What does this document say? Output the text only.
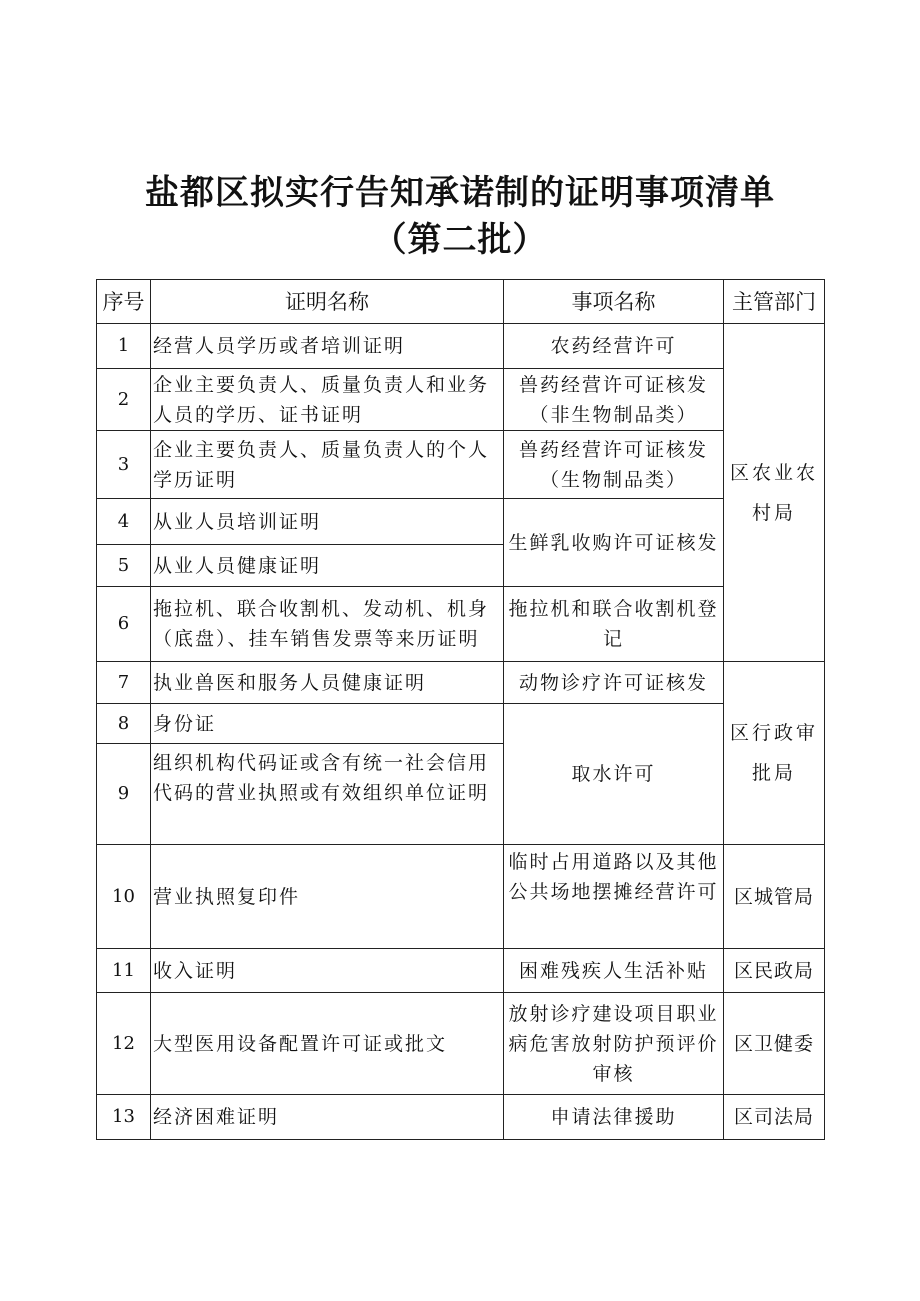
盐都区拟实行告知承诺制的证明事项清单
（第二批）
序号	证明名称	事项名称	主管部门
1	经营人员学历或者培训证明	农药经营许可	区农业农村局
2	企业主要负责人、质量负责人和业务人员的学历、证书证明	兽药经营许可证核发（非生物制品类）	
3	企业主要负责人、质量负责人的个人学历证明	兽药经营许可证核发（生物制品类）	
4	从业人员培训证明	生鲜乳收购许可证核发	
5	从业人员健康证明		
6	拖拉机、联合收割机、发动机、机身（底盘）、挂车销售发票等来历证明	拖拉机和联合收割机登记	
7	执业兽医和服务人员健康证明	动物诊疗许可证核发	区行政审批局
8	身份证	取水许可	
9	组织机构代码证或含有统一社会信用代码的营业执照或有效组织单位证明		
10	营业执照复印件	临时占用道路以及其他公共场地摆摊经营许可	区城管局
11	收入证明	困难残疾人生活补贴	区民政局
12	大型医用设备配置许可证或批文	放射诊疗建设项目职业病危害放射防护预评价审核	区卫健委
13	经济困难证明	申请法律援助	区司法局
